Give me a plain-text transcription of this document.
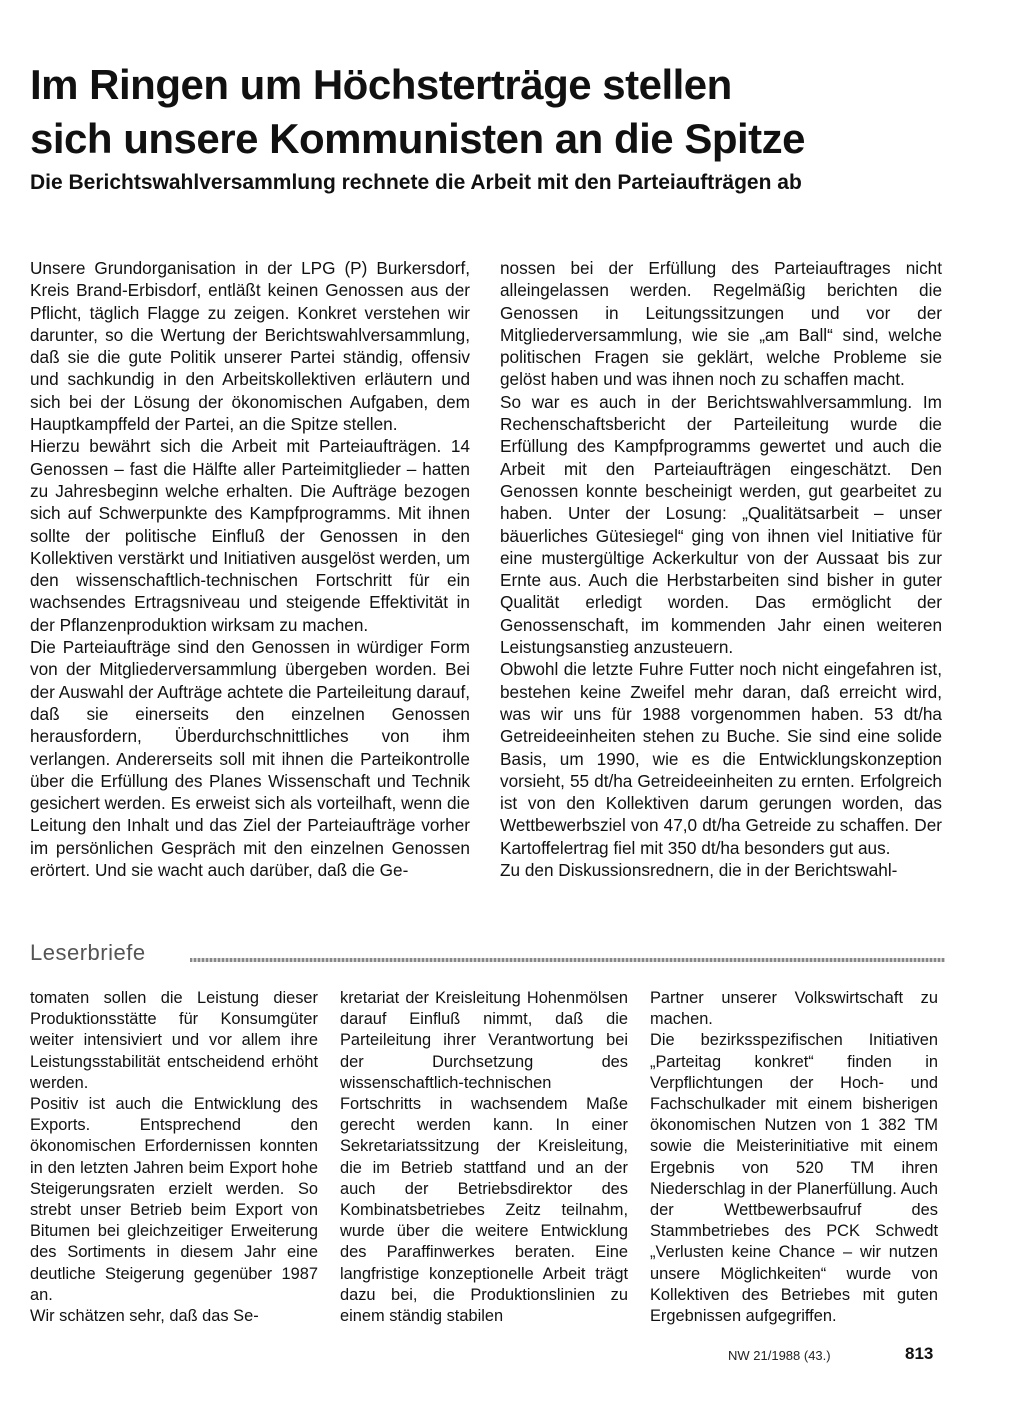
Im Ringen um Höchsterträge stellen
sich unsere Kommunisten an die Spitze
Die Berichtswahlversammlung rechnete die Arbeit mit den Parteiaufträgen ab

Unsere Grundorganisation in der LPG (P) Burkersdorf, Kreis Brand-Erbisdorf, entläßt keinen Genossen aus der Pflicht, täglich Flagge zu zeigen. Konkret verstehen wir darunter, so die Wertung der Berichtswahlversammlung, daß sie die gute Politik unserer Partei ständig, offensiv und sachkundig in den Arbeitskollektiven erläutern und sich bei der Lösung der ökonomischen Aufgaben, dem Hauptkampffeld der Partei, an die Spitze stellen.

Hierzu bewährt sich die Arbeit mit Parteiaufträgen. 14 Genossen – fast die Hälfte aller Parteimitglieder – hatten zu Jahresbeginn welche erhalten. Die Aufträge bezogen sich auf Schwerpunkte des Kampfprogramms. Mit ihnen sollte der politische Einfluß der Genossen in den Kollektiven verstärkt und Initiativen ausgelöst werden, um den wissenschaftlich-technischen Fortschritt für ein wachsendes Ertragsniveau und steigende Effektivität in der Pflanzenproduktion wirksam zu machen.

Die Parteiaufträge sind den Genossen in würdiger Form von der Mitgliederversammlung übergeben worden. Bei der Auswahl der Aufträge achtete die Parteileitung darauf, daß sie einerseits den einzelnen Genossen herausfordern, Überdurchschnittliches von ihm verlangen. Andererseits soll mit ihnen die Parteikontrolle über die Erfüllung des Planes Wissenschaft und Technik gesichert werden. Es erweist sich als vorteilhaft, wenn die Leitung den Inhalt und das Ziel der Parteiaufträge vorher im persönlichen Gespräch mit den einzelnen Genossen erörtert. Und sie wacht auch darüber, daß die Ge-

nossen bei der Erfüllung des Parteiauftrages nicht alleingelassen werden. Regelmäßig berichten die Genossen in Leitungssitzungen und vor der Mitgliederversammlung, wie sie „am Ball“ sind, welche politischen Fragen sie geklärt, welche Probleme sie gelöst haben und was ihnen noch zu schaffen macht.

So war es auch in der Berichtswahlversammlung. Im Rechenschaftsbericht der Parteileitung wurde die Erfüllung des Kampfprogramms gewertet und auch die Arbeit mit den Parteiaufträgen eingeschätzt. Den Genossen konnte bescheinigt werden, gut gearbeitet zu haben. Unter der Losung: „Qualitätsarbeit – unser bäuerliches Gütesiegel“ ging von ihnen viel Initiative für eine mustergültige Ackerkultur von der Aussaat bis zur Ernte aus. Auch die Herbstarbeiten sind bisher in guter Qualität erledigt worden. Das ermöglicht der Genossenschaft, im kommenden Jahr einen weiteren Leistungsanstieg anzusteuern.

Obwohl die letzte Fuhre Futter noch nicht eingefahren ist, bestehen keine Zweifel mehr daran, daß erreicht wird, was wir uns für 1988 vorgenommen haben. 53 dt/ha Getreideeinheiten stehen zu Buche. Sie sind eine solide Basis, um 1990, wie es die Entwicklungskonzeption vorsieht, 55 dt/ha Getreideeinheiten zu ernten. Erfolgreich ist von den Kollektiven darum gerungen worden, das Wettbewerbsziel von 47,0 dt/ha Getreide zu schaffen. Der Kartoffelertrag fiel mit 350 dt/ha besonders gut aus.

Zu den Diskussionsrednern, die in der Berichtswahl-

Leserbriefe

tomaten sollen die Leistung dieser Produktionsstätte für Konsumgüter weiter intensiviert und vor allem ihre Leistungsstabilität entscheidend erhöht werden.

Positiv ist auch die Entwicklung des Exports. Entsprechend den ökonomischen Erfordernissen konnten in den letzten Jahren beim Export hohe Steigerungsraten erzielt werden. So strebt unser Betrieb beim Export von Bitumen bei gleichzeitiger Erweiterung des Sortiments in diesem Jahr eine deutliche Steigerung gegenüber 1987 an.

Wir schätzen sehr, daß das Se-

kretariat der Kreisleitung Hohenmölsen darauf Einfluß nimmt, daß die Parteileitung ihrer Verantwortung bei der Durchsetzung des wissenschaftlich-technischen Fortschritts in wachsendem Maße gerecht werden kann. In einer Sekretariatssitzung der Kreisleitung, die im Betrieb stattfand und an der auch der Betriebsdirektor des Kombinatsbetriebes Zeitz teilnahm, wurde über die weitere Entwicklung des Paraffinwerkes beraten. Eine langfristige konzeptionelle Arbeit trägt dazu bei, die Produktionslinien zu einem ständig stabilen

Partner unserer Volkswirtschaft zu machen.

Die bezirksspezifischen Initiativen „Parteitag konkret“ finden in Verpflichtungen der Hoch- und Fachschulkader mit einem bisherigen ökonomischen Nutzen von 1 382 TM sowie die Meisterinitiative mit einem Ergebnis von 520 TM ihren Niederschlag in der Planerfüllung. Auch der Wettbewerbsaufruf des Stammbetriebes des PCK Schwedt „Verlusten keine Chance – wir nutzen unsere Möglichkeiten“ wurde von Kollektiven des Betriebes mit guten Ergebnissen aufgegriffen.

NW 21/1988 (43.)	813
